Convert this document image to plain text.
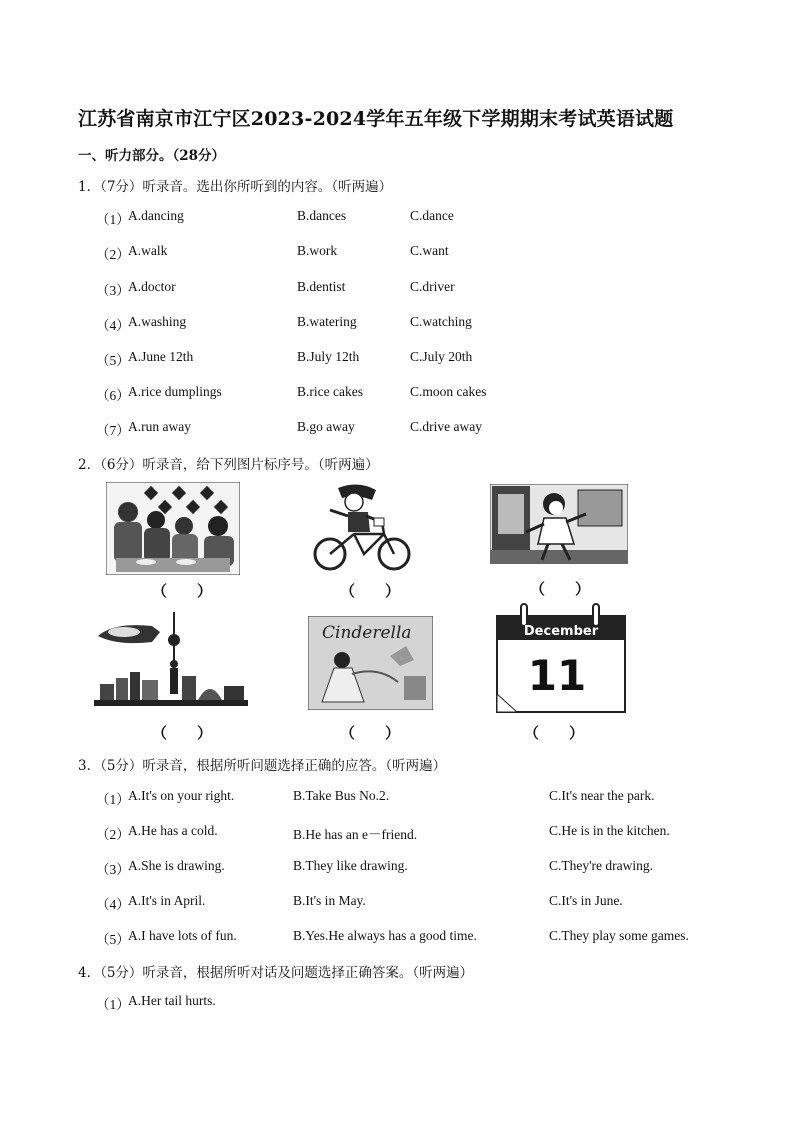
江苏省南京市江宁区2023-2024学年五年级下学期期末考试英语试题
一、听力部分。（28分）
1．（7分）听录音。选出你所听到的内容。（听两遍）
（1）
A.dancing	B.dances	C.dance
（2）
A.walk	B.work	C.want
（3）
A.doctor	B.dentist	C.driver
（4）
A.washing	B.watering	C.watching
（5）
A.June 12th	B.July 12th	C.July 20th
（6）
A.rice dumplings	B.rice cakes	C.moon cakes
（7）
A.run away	B.go away	C.drive away
2．（6分）听录音，给下列图片标序号。（听两遍）
（　　）	（　　）	（　　）
（　　）
Cinderella
（　　）
December
11
（　　）
3．（5分）听录音，根据所听问题选择正确的应答。（听两遍）
（1）
A.It's on your right.	B.Take Bus No.2.	C.It's near the park.
（2）
A.He has a cold.	B.He has an e－friend.	C.He is in the kitchen.
（3）
A.She is drawing.	B.They like drawing.	C.They're drawing.
（4）
A.It's in April.	B.It's in May.	C.It's in June.
（5）
A.I have lots of fun.	B.Yes.He always has a good time.	C.They play some games.
4．（5分）听录音，根据所听对话及问题选择正确答案。（听两遍）
（1）
A.Her tail hurts.
